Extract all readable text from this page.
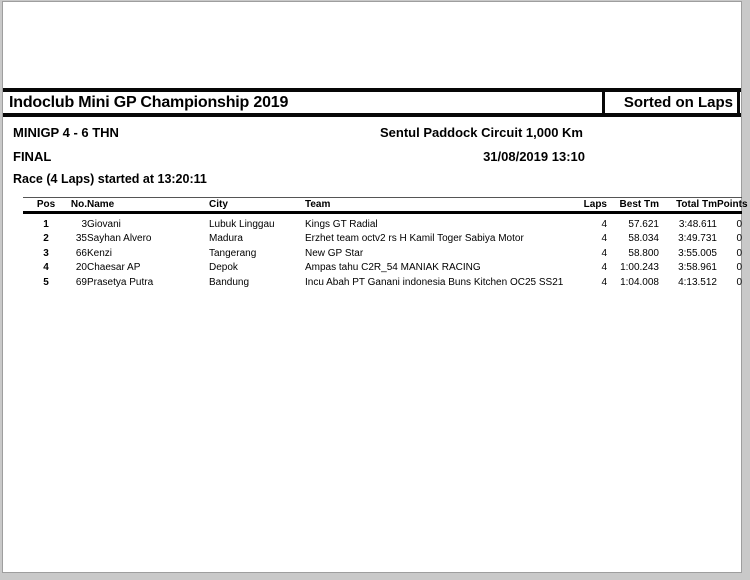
Indoclub Mini GP Championship 2019	Sorted on Laps
MINIGP 4 - 6 THN	Sentul Paddock Circuit 1,000 Km
FINAL	31/08/2019 13:10
Race (4 Laps) started at 13:20:11
Pos	No.	Name	City	Team	Laps	Best Tm	Total Tm	Points
1	3	Giovani	Lubuk Linggau	Kings GT Radial	4	57.621	3:48.611	0
2	35	Sayhan Alvero	Madura	Erzhet team octv2 rs H Kamil Toger Sabiya Motor	4	58.034	3:49.731	0
3	66	Kenzi	Tangerang	New GP Star	4	58.800	3:55.005	0
4	20	Chaesar AP	Depok	Ampas tahu C2R_54 MANIAK RACING	4	1:00.243	3:58.961	0
5	69	Prasetya Putra	Bandung	Incu Abah PT Ganani indonesia Buns Kitchen OC25 SS21	4	1:04.008	4:13.512	0
